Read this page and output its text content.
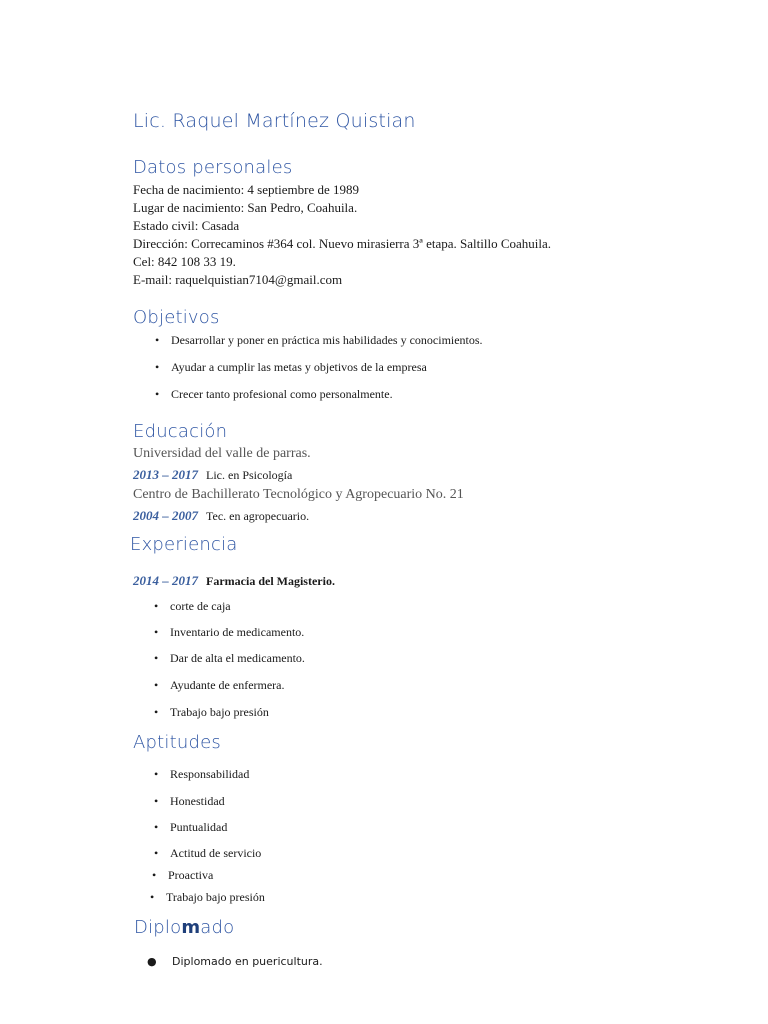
Lic. Raquel Martínez Quistian
Datos personales
Fecha de nacimiento: 4 septiembre de 1989
Lugar de nacimiento: San Pedro, Coahuila.
Estado civil: Casada
Dirección: Correcaminos #364 col. Nuevo mirasierra 3ª etapa. Saltillo Coahuila.
Cel: 842 108 33 19.
E-mail: raquelquistian7104@gmail.com
Objetivos
• Desarrollar y poner en práctica mis habilidades y conocimientos.
• Ayudar a cumplir las metas y objetivos de la empresa
• Crecer tanto profesional como personalmente.
Educación
Universidad del valle de parras.
2013 – 2017 Lic. en Psicología
Centro de Bachillerato Tecnológico y Agropecuario No. 21
2004 – 2007 Tec. en agropecuario.
Experiencia
2014 – 2017 Farmacia del Magisterio.
• corte de caja
• Inventario de medicamento.
• Dar de alta el medicamento.
• Ayudante de enfermera.
• Trabajo bajo presión
Aptitudes
• Responsabilidad
• Honestidad
• Puntualidad
• Actitud de servicio
• Proactiva
• Trabajo bajo presión
Diplomado
● Diplomado en puericultura.
